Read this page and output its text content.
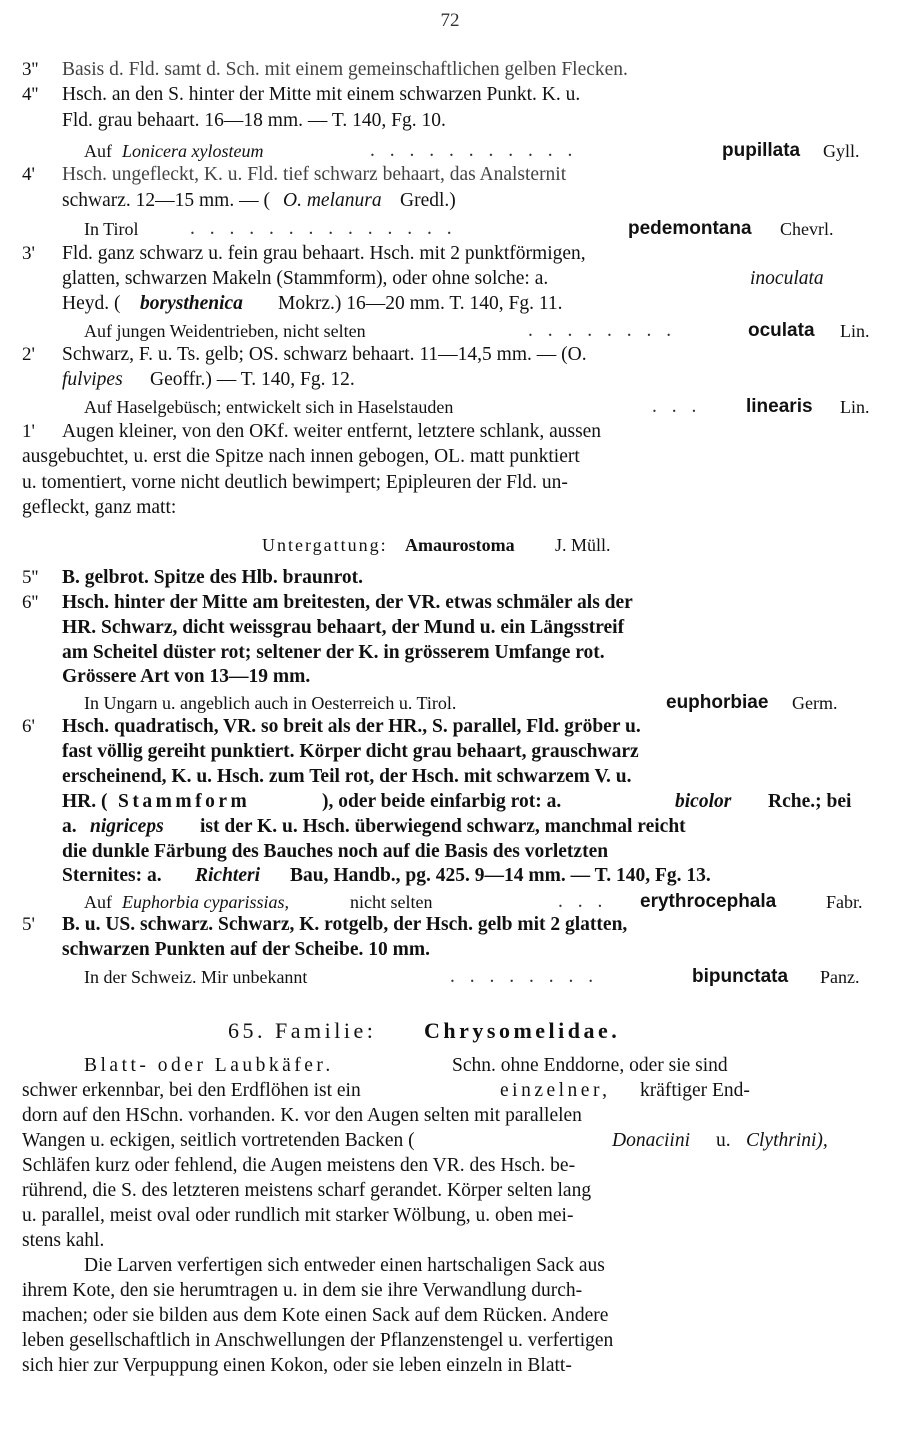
72
3'' Basis d. Fld. samt d. Sch. mit einem gemeinschaftlichen gelben Flecken.
4'' Hsch. an den S. hinter der Mitte mit einem schwarzen Punkt. K. u.
Fld. grau behaart. 16—18 mm. — T. 140, Fg. 10.
Auf Lonicera xylosteum	. . . . . . . . . . .	pupillata Gyll.
4' Hsch. ungefleckt, K. u. Fld. tief schwarz behaart, das Analsternit
schwarz. 12—15 mm. — ( O. melanura Gredl.)
In Tirol	. . . . . . . . . . . . . .	pedemontana Chevrl.
3' Fld. ganz schwarz u. fein grau behaart. Hsch. mit 2 punktförmigen,
glatten, schwarzen Makeln (Stammform), oder ohne solche: a.	inoculata
Heyd. ( borysthenica Mokrz.) 16—20 mm. T. 140, Fg. 11.
Auf jungen Weidentrieben, nicht selten	. . . . . . . .	oculata Lin.
2' Schwarz, F. u. Ts. gelb; OS. schwarz behaart. 11—14,5 mm. — (O.
fulvipes Geoffr.) — T. 140, Fg. 12.
Auf Haselgebüsch; entwickelt sich in Haselstauden	. . . linearis Lin.
1' Augen kleiner, von den OKf. weiter entfernt, letztere schlank, aussen
ausgebuchtet, u. erst die Spitze nach innen gebogen, OL. matt punktiert
u. tomentiert, vorne nicht deutlich bewimpert; Epipleuren der Fld. un-
gefleckt, ganz matt:
Untergattung: Amaurostoma J. Müll.
5'' B. gelbrot. Spitze des Hlb. braunrot.
6'' Hsch. hinter der Mitte am breitesten, der VR. etwas schmäler als der
HR. Schwarz, dicht weissgrau behaart, der Mund u. ein Längsstreif
am Scheitel düster rot; seltener der K. in grösserem Umfange rot.
Grössere Art von 13—19 mm.
In Ungarn u. angeblich auch in Oesterreich u. Tirol.	euphorbiae Germ.
6' Hsch. quadratisch, VR. so breit als der HR., S. parallel, Fld. gröber u.
fast völlig gereiht punktiert. Körper dicht grau behaart, grauschwarz
erscheinend, K. u. Hsch. zum Teil rot, der Hsch. mit schwarzem V. u.
HR. ( Stammform	), oder beide einfarbig rot: a.	bicolor Rche.; bei
a. nigriceps ist der K. u. Hsch. überwiegend schwarz, manchmal reicht
die dunkle Färbung des Bauches noch auf die Basis des vorletzten
Sternites: a. Richteri Bau, Handb., pg. 425. 9—14 mm. — T. 140, Fg. 13.
Auf Euphorbia cyparissias,	nicht selten	. . . erythrocephala	Fabr.
5' B. u. US. schwarz. Schwarz, K. rotgelb, der Hsch. gelb mit 2 glatten,
schwarzen Punkten auf der Scheibe. 10 mm.
In der Schweiz. Mir unbekannt	. . . . . . . .	bipunctata Panz.
65. Familie: Chrysomelidae.
Blatt- oder Laubkäfer.	Schn. ohne Enddorne, oder sie sind
schwer erkennbar, bei den Erdflöhen ist ein	einzelner, kräftiger End-
dorn auf den HSchn. vorhanden. K. vor den Augen selten mit parallelen
Wangen u. eckigen, seitlich vortretenden Backen (	Donaciini u. Clythrini),
Schläfen kurz oder fehlend, die Augen meistens den VR. des Hsch. be-
rührend, die S. des letzteren meistens scharf gerandet. Körper selten lang
u. parallel, meist oval oder rundlich mit starker Wölbung, u. oben mei-
stens kahl.
Die Larven verfertigen sich entweder einen hartschaligen Sack aus
ihrem Kote, den sie herumtragen u. in dem sie ihre Verwandlung durch-
machen; oder sie bilden aus dem Kote einen Sack auf dem Rücken. Andere
leben gesellschaftlich in Anschwellungen der Pflanzenstengel u. verfertigen
sich hier zur Verpuppung einen Kokon, oder sie leben einzeln in Blatt-
